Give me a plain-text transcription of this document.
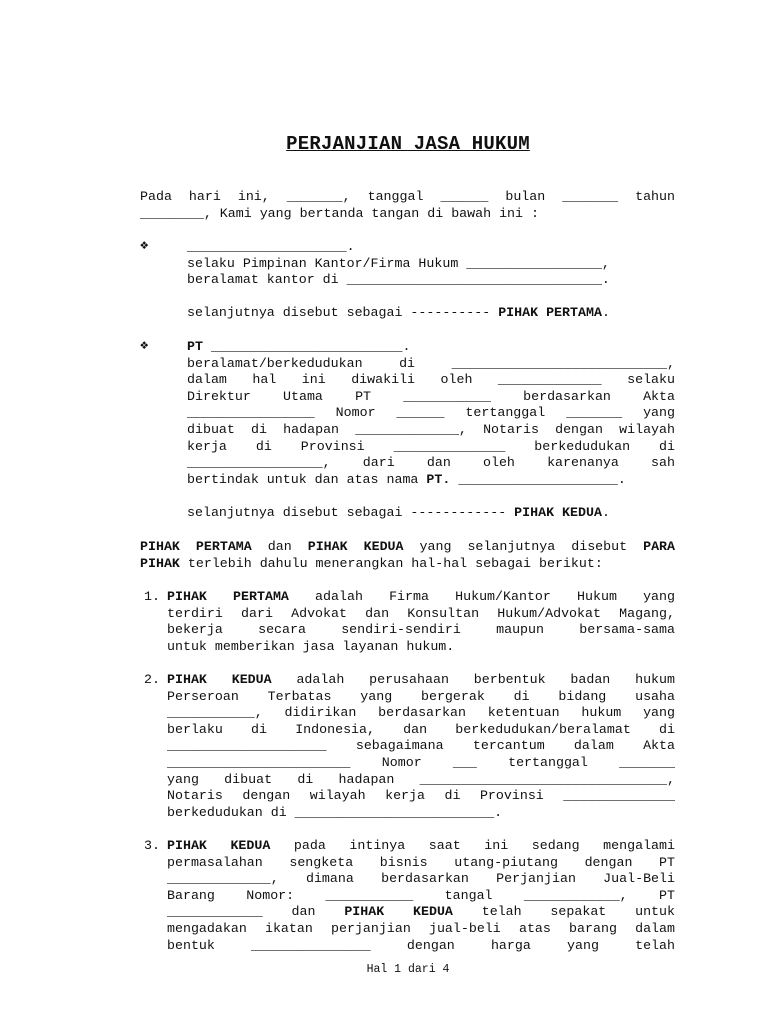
PERJANJIAN JASA HUKUM
Pada hari ini, _______, tanggal ______ bulan _______ tahun
________, Kami yang bertanda tangan di bawah ini :
❖	____________________.
selaku Pimpinan Kantor/Firma Hukum _________________,
beralamat kantor di ________________________________.
selanjutnya disebut sebagai ---------- PIHAK PERTAMA.
❖	PT ________________________.
beralamat/berkedudukan di ___________________________,
dalam hal ini diwakili oleh _____________ selaku
Direktur Utama PT ___________ berdasarkan Akta
________________ Nomor ______ tertanggal _______ yang
dibuat di hadapan _____________, Notaris dengan wilayah
kerja di Provinsi ______________ berkedudukan di
_________________, dari dan oleh karenanya sah
bertindak untuk dan atas nama PT. ____________________.
selanjutnya disebut sebagai ------------ PIHAK KEDUA.
PIHAK PERTAMA dan PIHAK KEDUA yang selanjutnya disebut PARA
PIHAK terlebih dahulu menerangkan hal-hal sebagai berikut:
1. PIHAK PERTAMA adalah Firma Hukum/Kantor Hukum yang
terdiri dari Advokat dan Konsultan Hukum/Advokat Magang,
bekerja secara sendiri-sendiri maupun bersama-sama
untuk memberikan jasa layanan hukum.
2. PIHAK KEDUA adalah perusahaan berbentuk badan hukum
Perseroan Terbatas yang bergerak di bidang usaha
___________, didirikan berdasarkan ketentuan hukum yang
berlaku di Indonesia, dan berkedudukan/beralamat di
____________________ sebagaimana tercantum dalam Akta
_______________________ Nomor ___ tertanggal _______
yang dibuat di hadapan _______________________________,
Notaris dengan wilayah kerja di Provinsi ______________
berkedudukan di _________________________.
3. PIHAK KEDUA pada intinya saat ini sedang mengalami
permasalahan sengketa bisnis utang-piutang dengan PT
_____________, dimana berdasarkan Perjanjian Jual-Beli
Barang Nomor: ___________ tangal ____________, PT
____________ dan PIHAK KEDUA telah sepakat untuk
mengadakan ikatan perjanjian jual-beli atas barang dalam
bentuk _______________ dengan harga yang telah
Hal 1 dari 4
